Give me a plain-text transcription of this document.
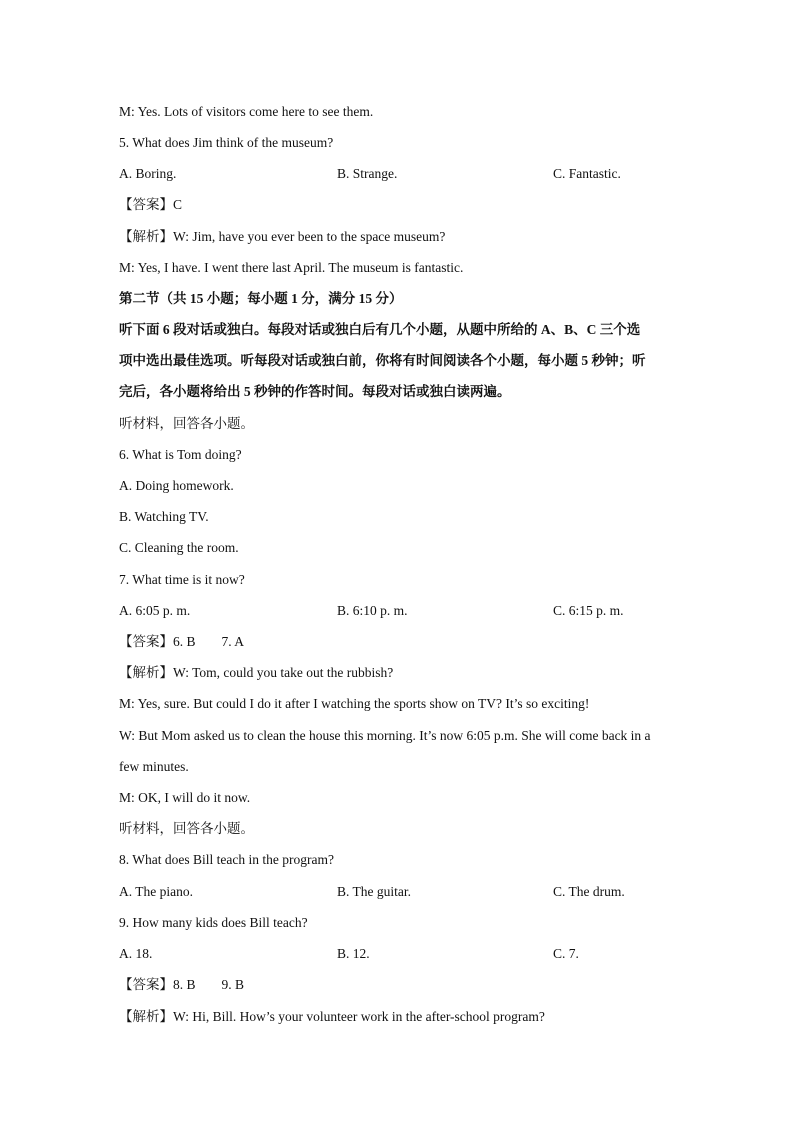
M: Yes. Lots of visitors come here to see them.
5. What does Jim think of the museum?
A. Boring.	B. Strange.	C. Fantastic.
【答案】C
【解析】W: Jim, have you ever been to the space museum?
M: Yes, I have. I went there last April. The museum is fantastic.
第二节（共 15 小题；每小题 1 分，满分 15 分）
听下面 6 段对话或独白。每段对话或独白后有几个小题，从题中所给的 A、B、C 三个选
项中选出最佳选项。听每段对话或独白前，你将有时间阅读各个小题，每小题 5 秒钟；听
完后，各小题将给出 5 秒钟的作答时间。每段对话或独白读两遍。
听材料，回答各小题。
6. What is Tom doing?
A. Doing homework.
B. Watching TV.
C. Cleaning the room.
7. What time is it now?
A. 6:05 p. m.	B. 6:10 p. m.	C. 6:15 p. m.
【答案】6. B 7. A
【解析】W: Tom, could you take out the rubbish?
M: Yes, sure. But could I do it after I watching the sports show on TV? It’s so exciting!
W: But Mom asked us to clean the house this morning. It’s now 6:05 p.m. She will come back in a
few minutes.
M: OK, I will do it now.
听材料，回答各小题。
8. What does Bill teach in the program?
A. The piano.	B. The guitar.	C. The drum.
9. How many kids does Bill teach?
A. 18.	B. 12.	C. 7.
【答案】8. B 9. B
【解析】W: Hi, Bill. How’s your volunteer work in the after-school program?
